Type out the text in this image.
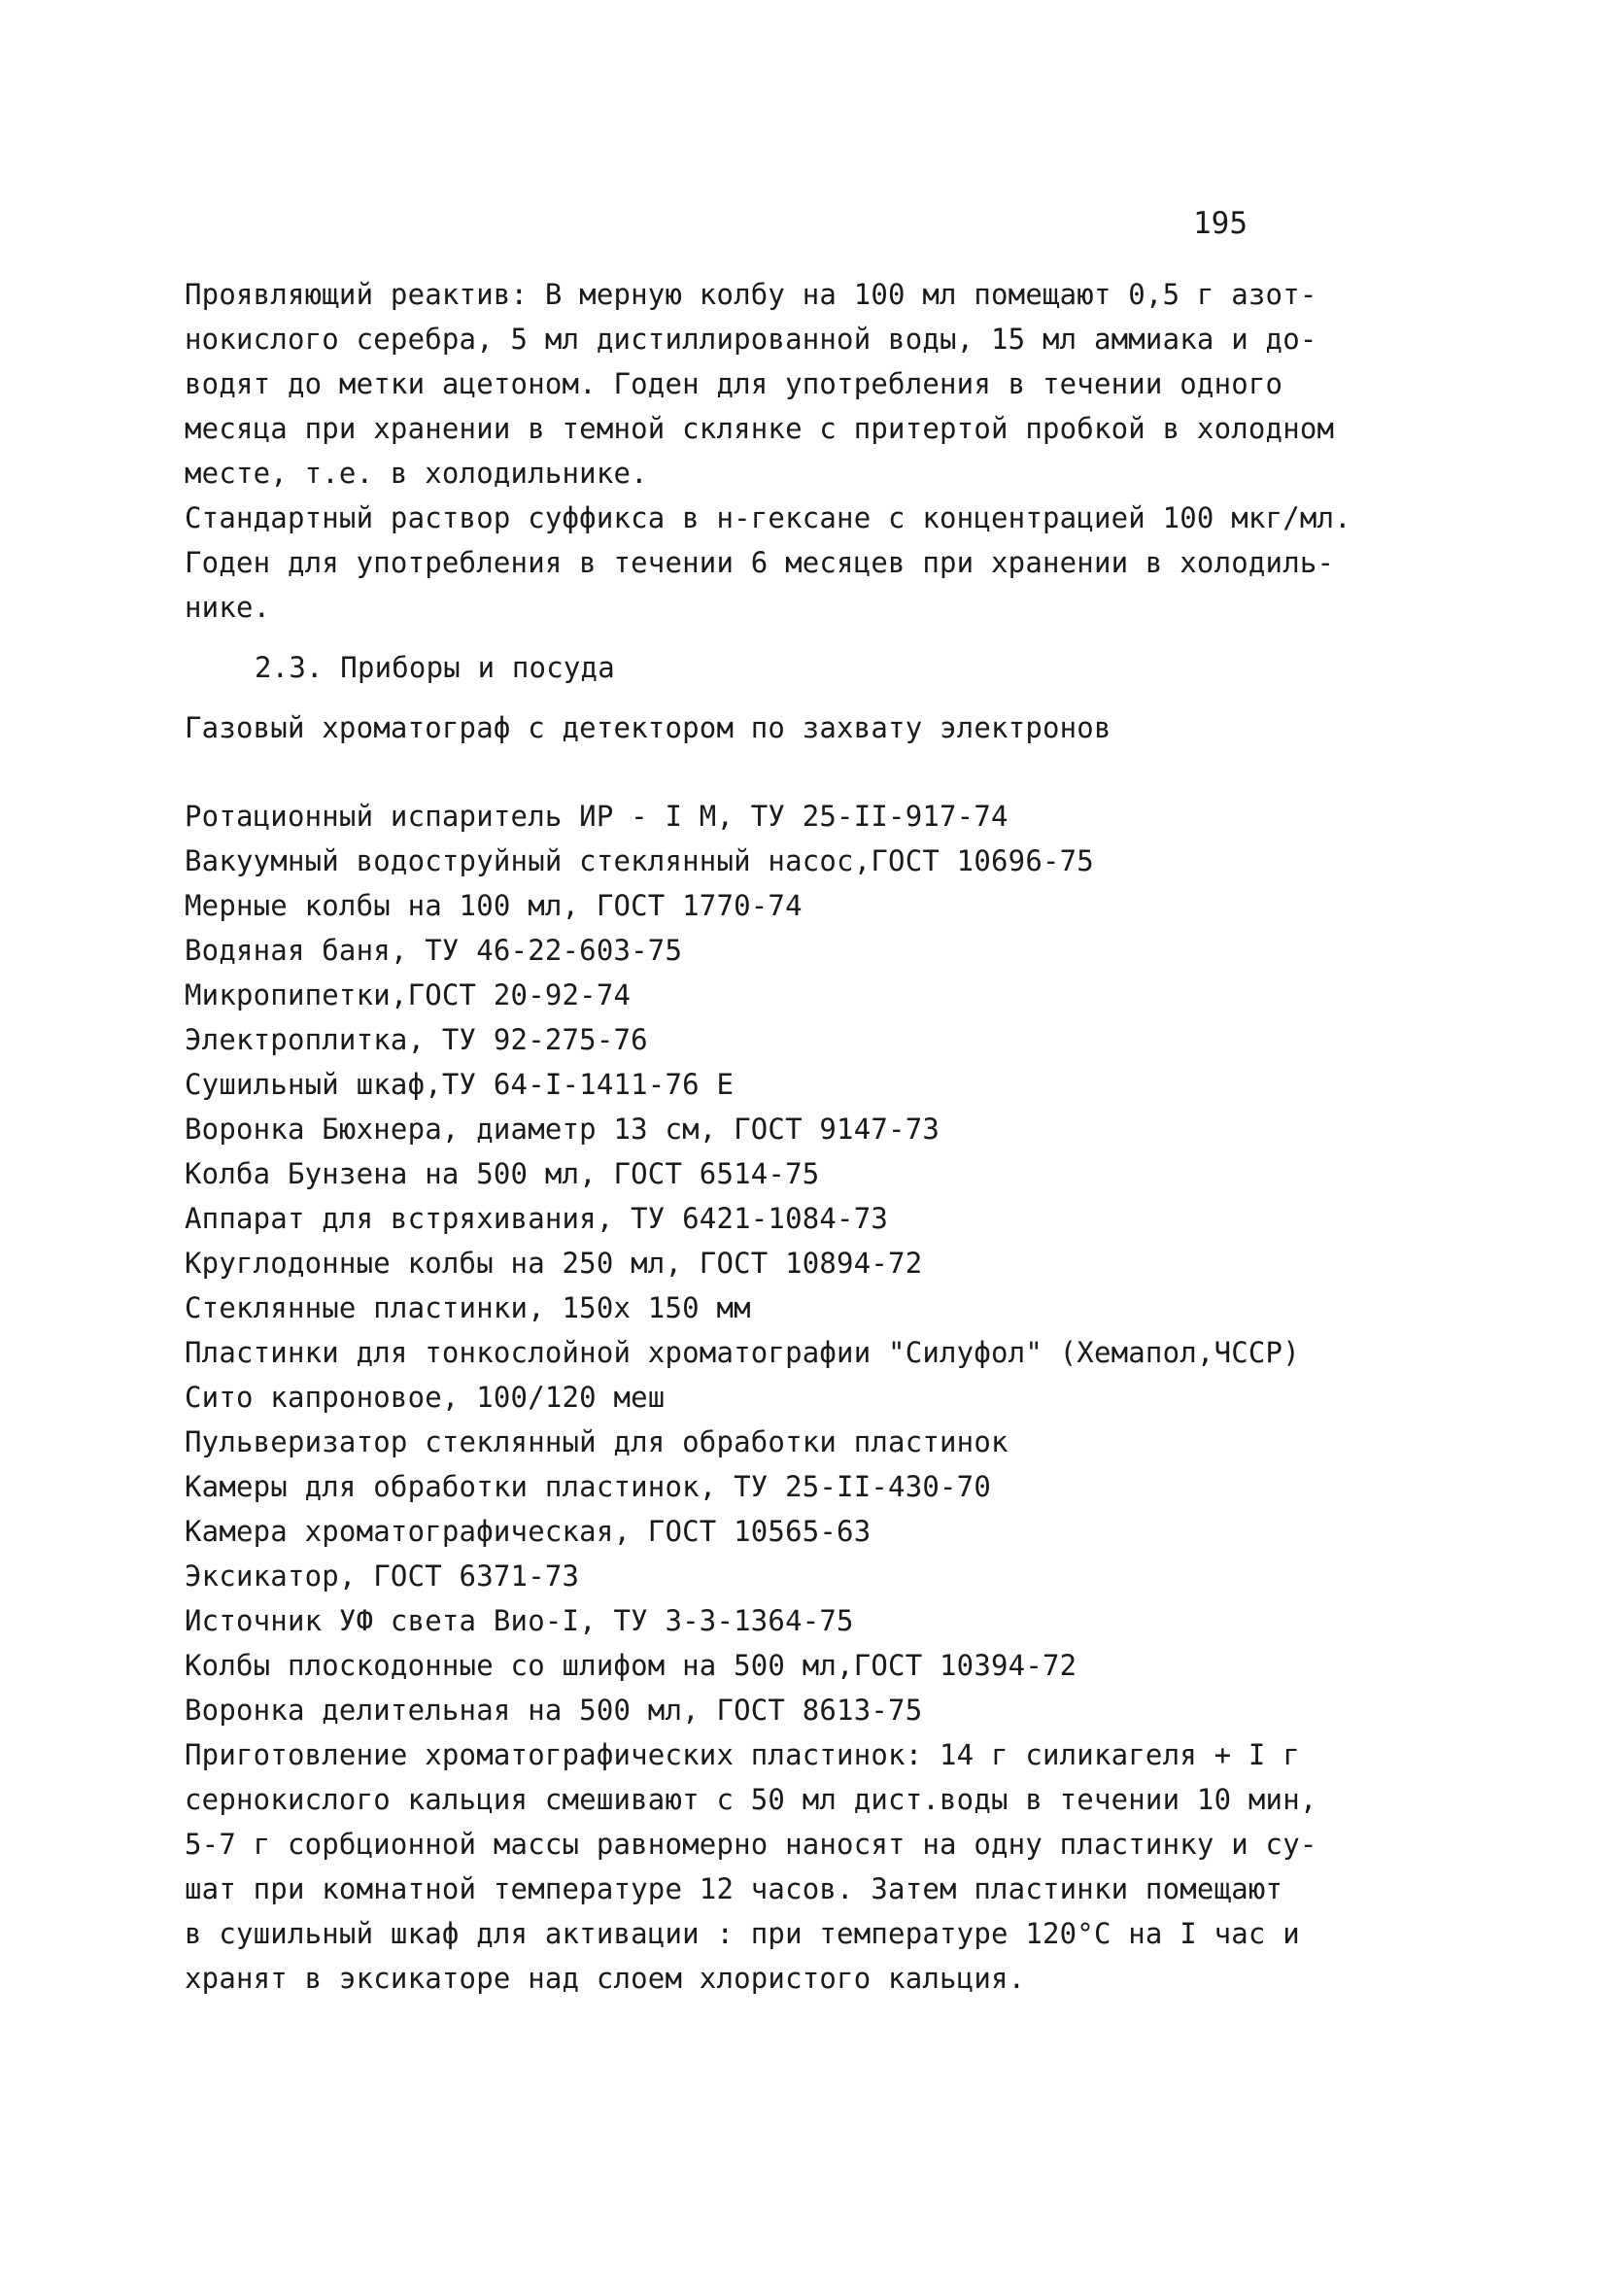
195
Проявляющий реактив: В мерную колбу на 100 мл помещают 0,5 г азот-
нокислого серебра, 5 мл дистиллированной воды, 15 мл аммиака и до-
водят до метки ацетоном. Годен для употребления в течении одного
месяца при хранении в темной склянке с притертой пробкой в холодном
месте, т.е. в холодильнике.
Стандартный раствор суффикса в н-гексане с концентрацией 100 мкг/мл.
Годен для употребления в течении 6 месяцев при хранении в холодиль-
нике.
2.3. Приборы и посуда
Газовый хроматограф с детектором по захвату электронов
Ротационный испаритель ИР - I М, ТУ 25-II-917-74
Вакуумный водоструйный стеклянный насос,ГОСТ 10696-75
Мерные колбы на 100 мл, ГОСТ 1770-74
Водяная баня, ТУ 46-22-603-75
Микропипетки,ГОСТ 20-92-74
Электроплитка, ТУ 92-275-76
Сушильный шкаф,ТУ 64-I-1411-76 Е
Воронка Бюхнера, диаметр 13 см, ГОСТ 9147-73
Колба Бунзена на 500 мл, ГОСТ 6514-75
Аппарат для встряхивания, ТУ 6421-1084-73
Круглодонные колбы на 250 мл, ГОСТ 10894-72
Стеклянные пластинки, 150х 150 мм
Пластинки для тонкослойной хроматографии "Силуфол" (Хемапол,ЧССР)
Сито капроновое, 100/120 меш
Пульверизатор стеклянный для обработки пластинок
Камеры для обработки пластинок, ТУ 25-II-430-70
Камера хроматографическая, ГОСТ 10565-63
Эксикатор, ГОСТ 6371-73
Источник УФ света Вио-I, ТУ 3-3-1364-75
Колбы плоскодонные со шлифом на 500 мл,ГОСТ 10394-72
Воронка делительная на 500 мл, ГОСТ 8613-75
Приготовление хроматографических пластинок: 14 г силикагеля + I г
сернокислого кальция смешивают с 50 мл дист.воды в течении 10 мин,
5-7 г сорбционной массы равномерно наносят на одну пластинку и су-
шат при комнатной температуре 12 часов. Затем пластинки помещают
в сушильный шкаф для активации : при температуре 120°С на I час и
хранят в эксикаторе над слоем хлористого кальция.
